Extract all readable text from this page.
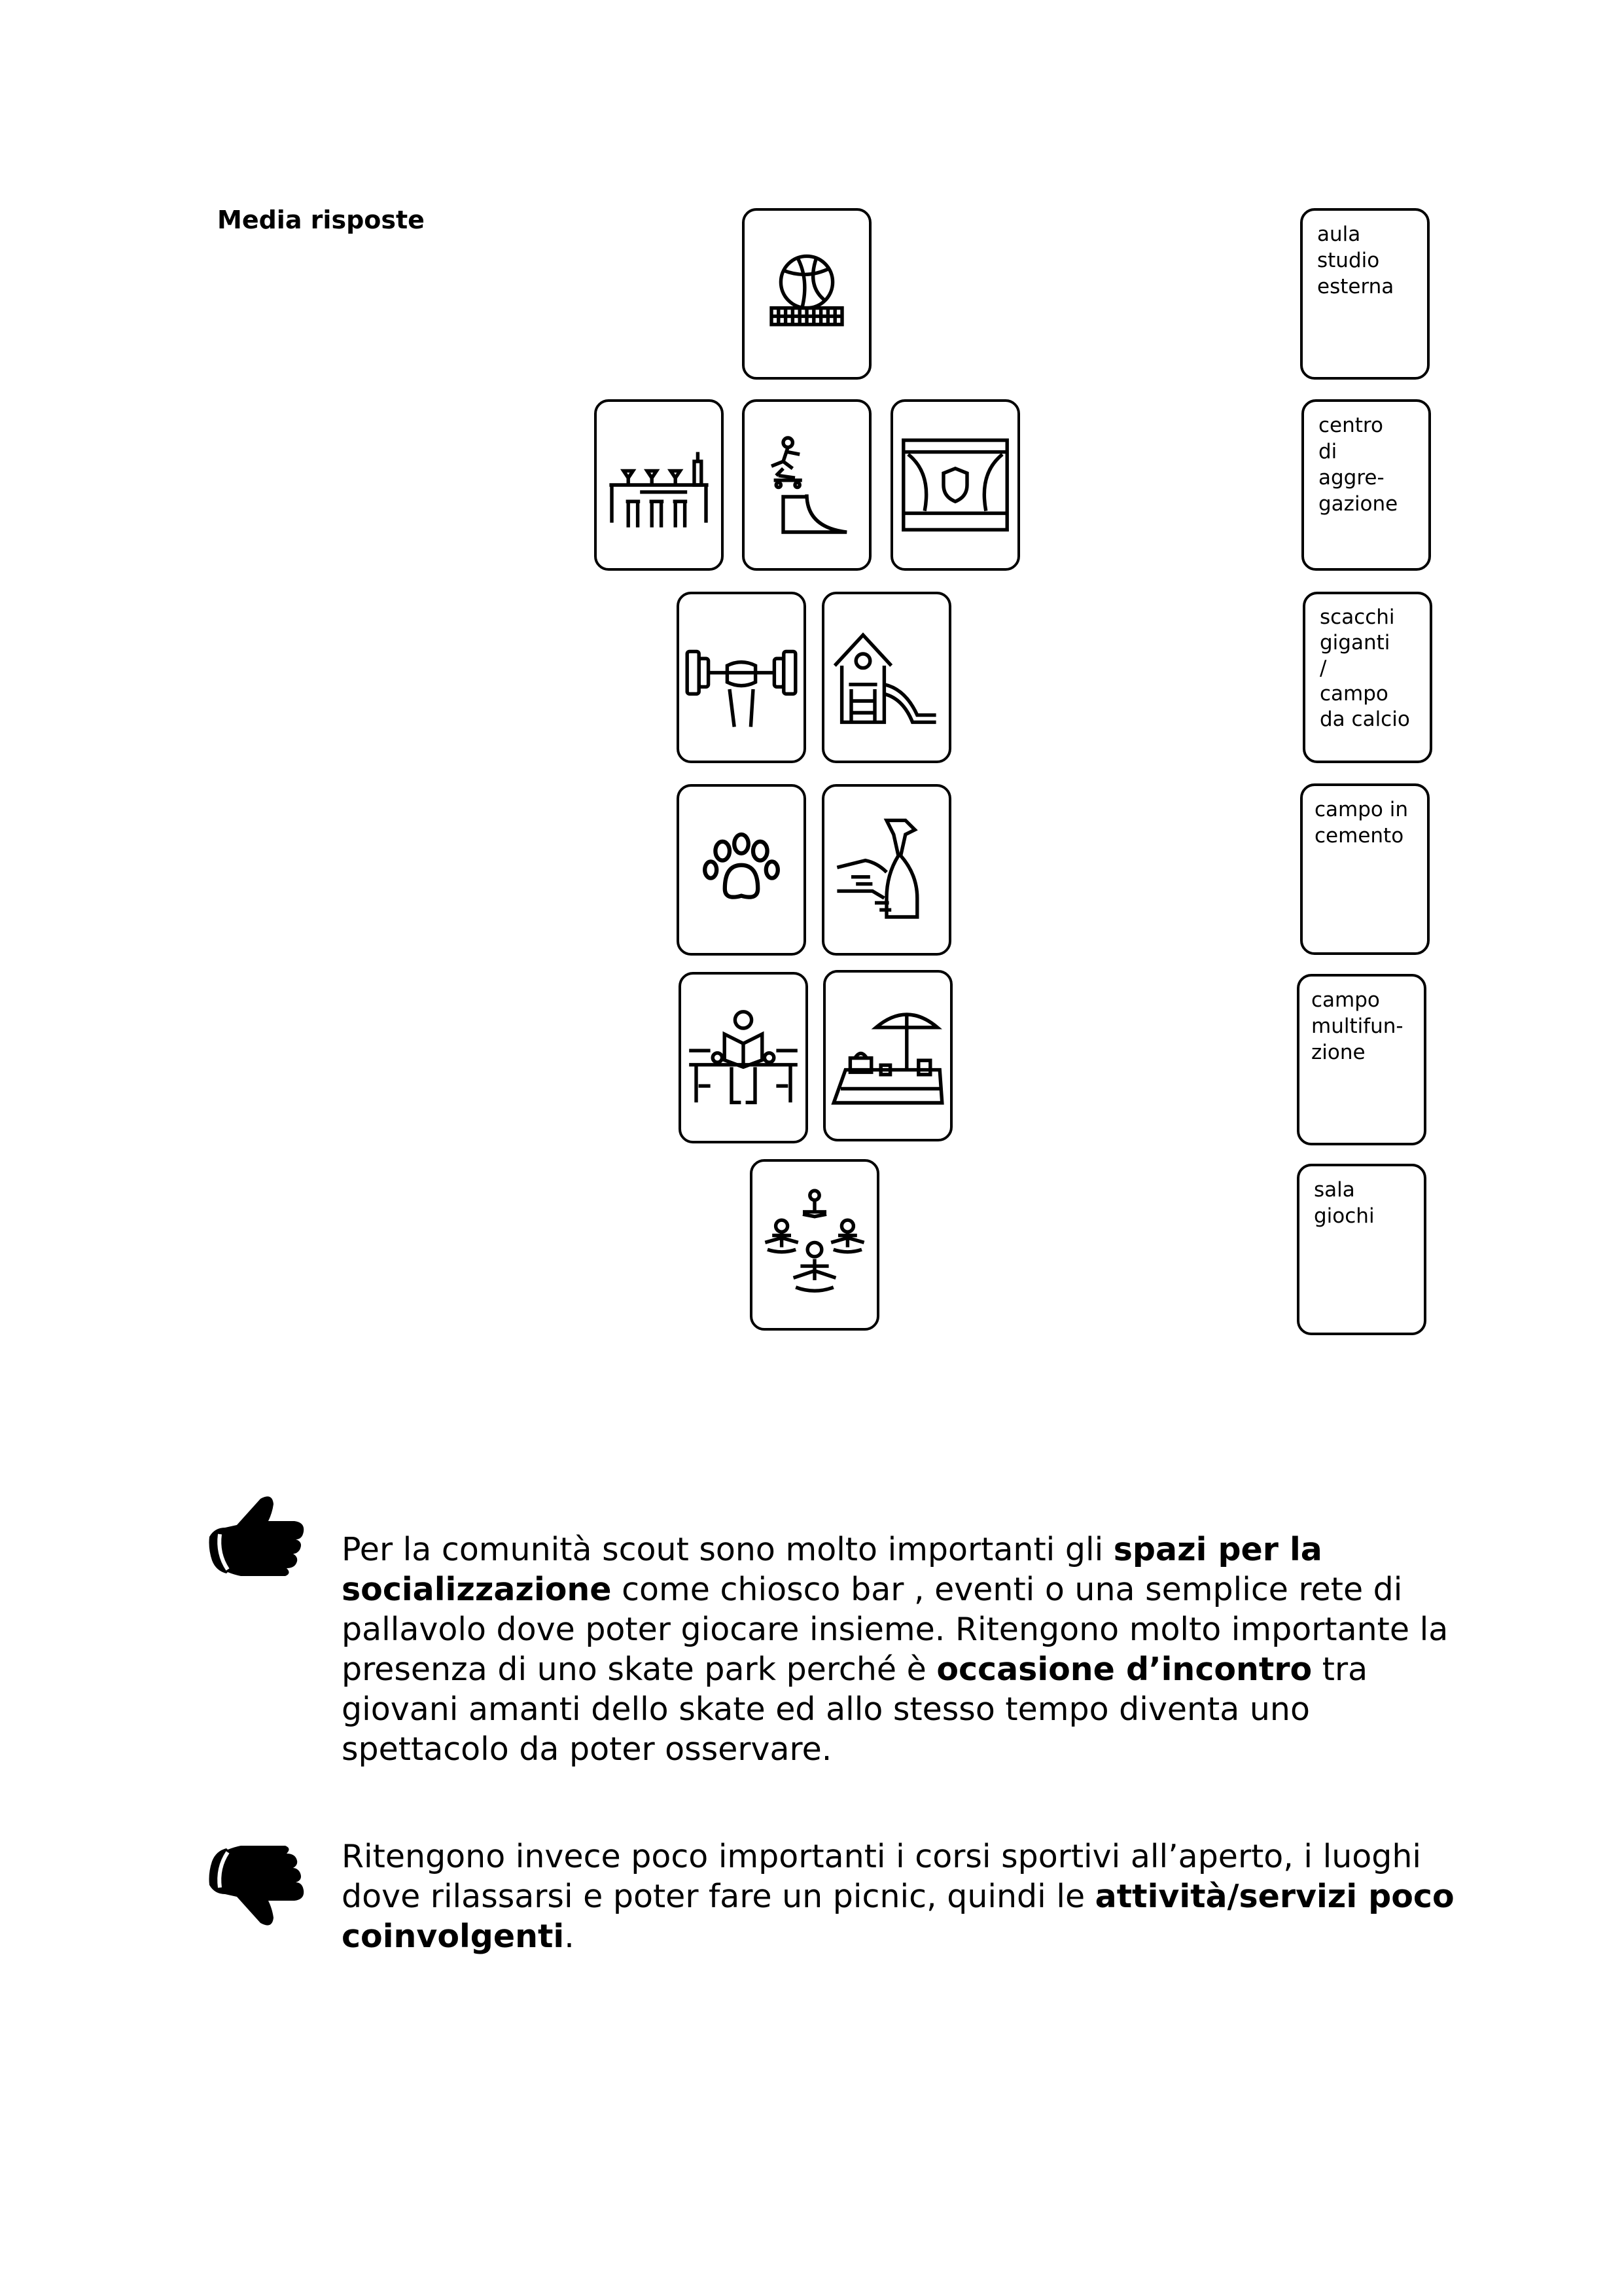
Media risposte	aula
studio
esterna
centro
di
aggre-
gazione
scacchi
giganti
/
campo
da calcio
campo in
cemento
campo
multifun-
zione
sala
giochi
Per la comunità scout sono molto importanti gli spazi per la socializzazione come chiosco bar , eventi o una semplice rete di pallavolo dove poter giocare insieme. Ritengono molto importante la presenza di uno skate park perché è occasione d’incontro tra giovani amanti dello skate ed allo stesso tempo diventa uno spettacolo da poter osservare.
Ritengono invece poco importanti i corsi sportivi all’aperto, i luoghi dove rilassarsi e poter fare un picnic, quindi le attività/servizi poco coinvolgenti.
